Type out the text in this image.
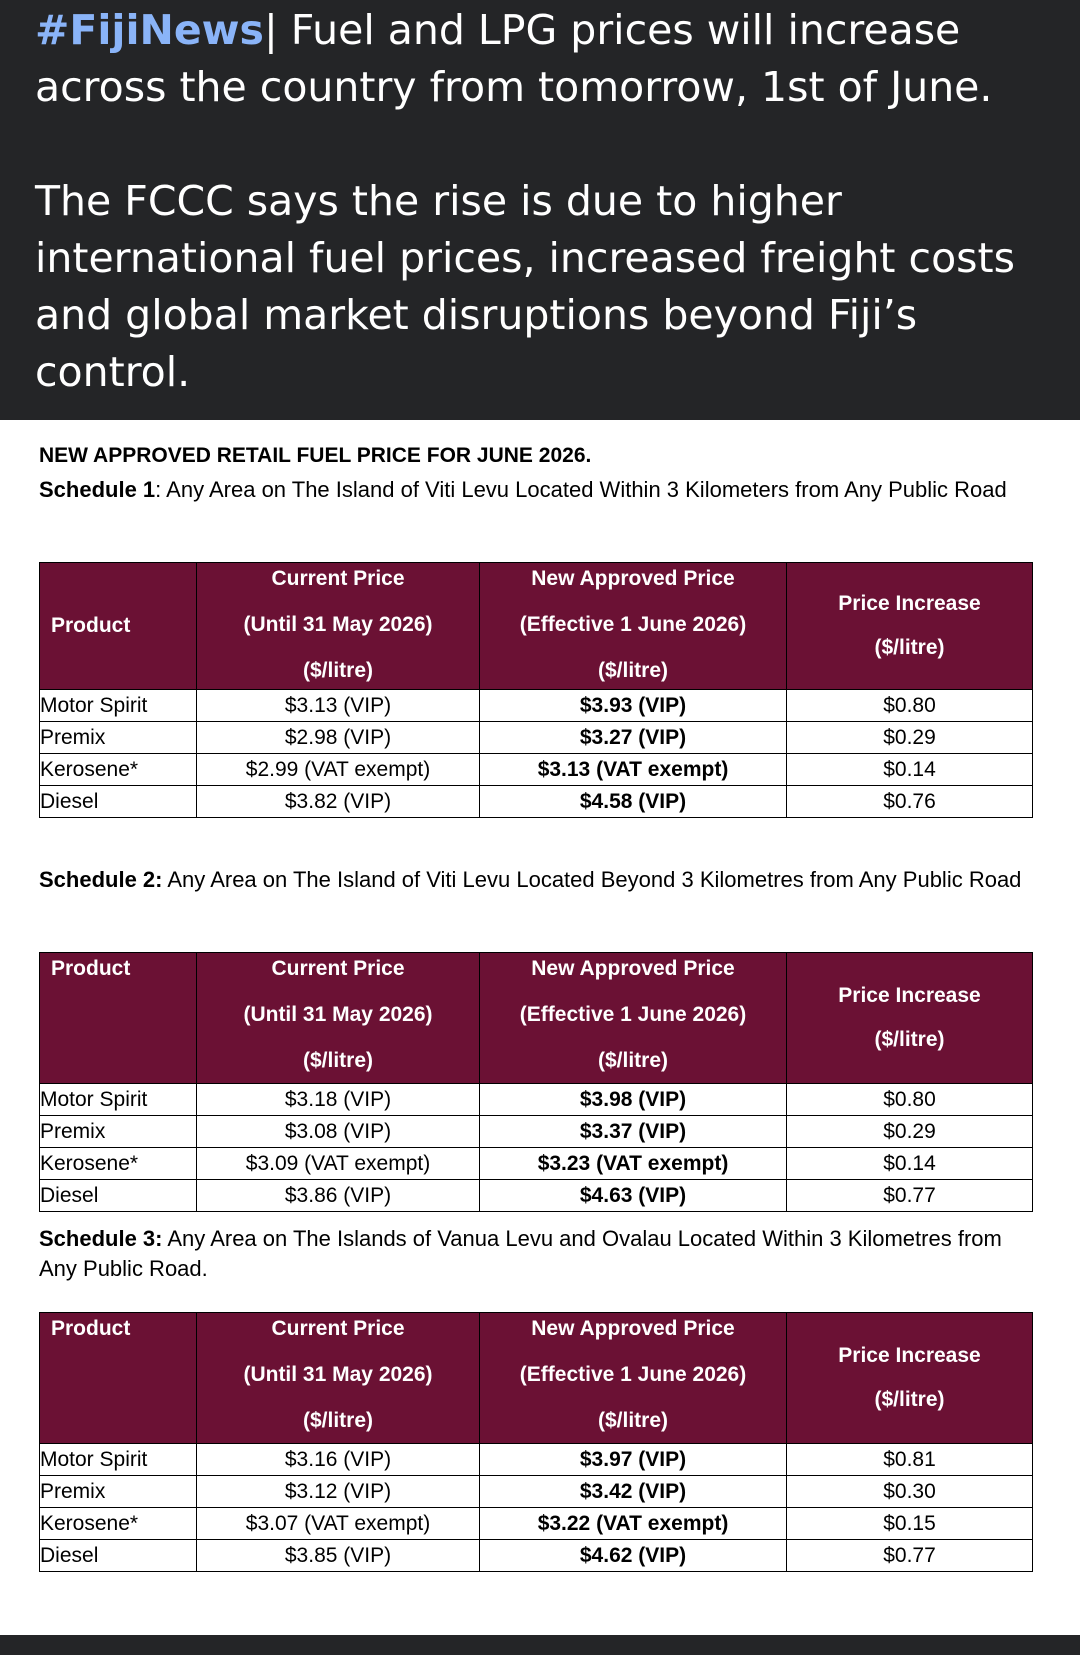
#FijiNews| Fuel and LPG prices will increase across the country from tomorrow, 1st of June.

The FCCC says the rise is due to higher international fuel prices, increased freight costs and global market disruptions beyond Fiji’s control.

NEW APPROVED RETAIL FUEL PRICE FOR JUNE 2026.
Schedule 1: Any Area on The Island of Viti Levu Located Within 3 Kilometers from Any Public Road
Product	Current Price
(Until 31 May 2026)
($/litre)	New Approved Price
(Effective 1 June 2026)
($/litre)	Price Increase
($/litre)

Motor Spirit	$3.13 (VIP)	$3.93 (VIP)	$0.80
Premix	$2.98 (VIP)	$3.27 (VIP)	$0.29
Kerosene*	$2.99 (VAT exempt)	$3.13 (VAT exempt)	$0.14
Diesel	$3.82 (VIP)	$4.58 (VIP)	$0.76
Schedule 2: Any Area on The Island of Viti Levu Located Beyond 3 Kilometres from Any Public Road
Product	Current Price
(Until 31 May 2026)
($/litre)	New Approved Price
(Effective 1 June 2026)
($/litre)	Price Increase
($/litre)

Motor Spirit	$3.18 (VIP)	$3.98 (VIP)	$0.80
Premix	$3.08 (VIP)	$3.37 (VIP)	$0.29
Kerosene*	$3.09 (VAT exempt)	$3.23 (VAT exempt)	$0.14
Diesel	$3.86 (VIP)	$4.63 (VIP)	$0.77
Schedule 3: Any Area on The Islands of Vanua Levu and Ovalau Located Within 3 Kilometres from Any Public Road.
Product	Current Price
(Until 31 May 2026)
($/litre)	New Approved Price
(Effective 1 June 2026)
($/litre)	Price Increase
($/litre)

Motor Spirit	$3.16 (VIP)	$3.97 (VIP)	$0.81
Premix	$3.12 (VIP)	$3.42 (VIP)	$0.30
Kerosene*	$3.07 (VAT exempt)	$3.22 (VAT exempt)	$0.15
Diesel	$3.85 (VIP)	$4.62 (VIP)	$0.77
